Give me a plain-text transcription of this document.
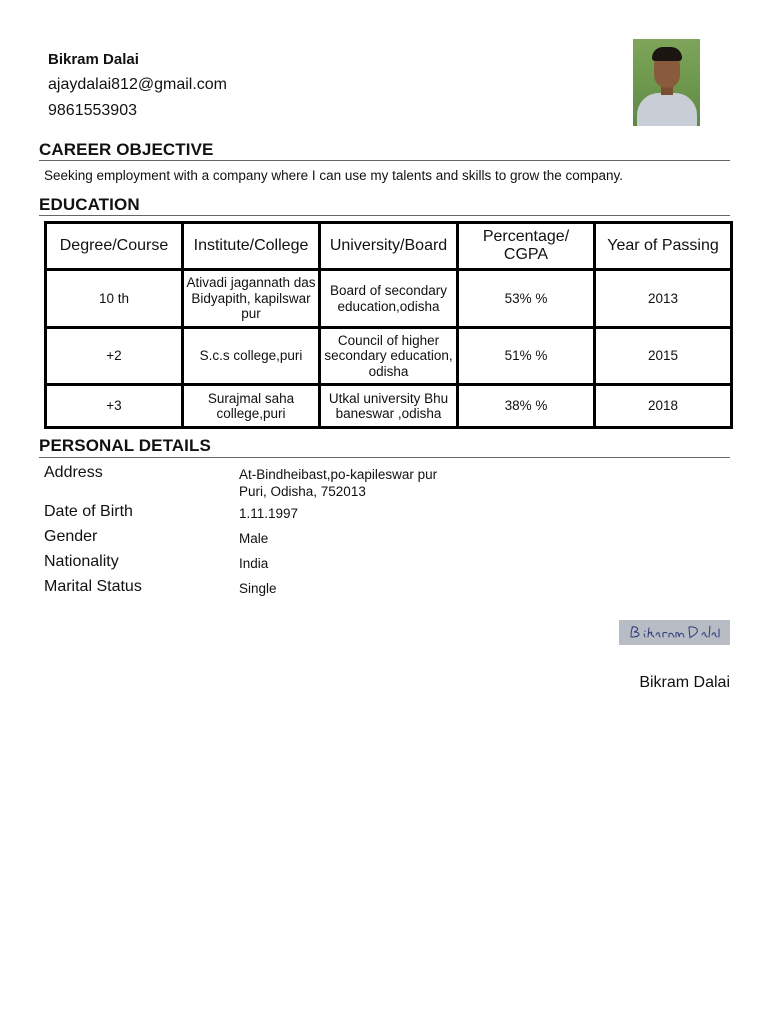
Bikram Dalai
ajaydalai812@gmail.com
9861553903
CAREER OBJECTIVE
Seeking employment with a company where I can use my talents and skills to grow the company.
EDUCATION
Degree/Course	Institute/College	University/Board	Percentage/ CGPA	Year of Passing
10 th	Ativadi jagannath das Bidyapith, kapilswar pur	Board of secondary education,odisha	53% %	2013
+2	S.c.s college,puri	Council of higher secondary education, odisha	51% %	2015
+3	Surajmal saha college,puri	Utkal university Bhu baneswar ,odisha	38% %	2018
PERSONAL DETAILS
Address	At-Bindheibast,po-kapileswar pur
Puri, Odisha, 752013
Date of Birth	1.11.1997
Gender	Male
Nationality	India
Marital Status	Single
Bikram Dalai
